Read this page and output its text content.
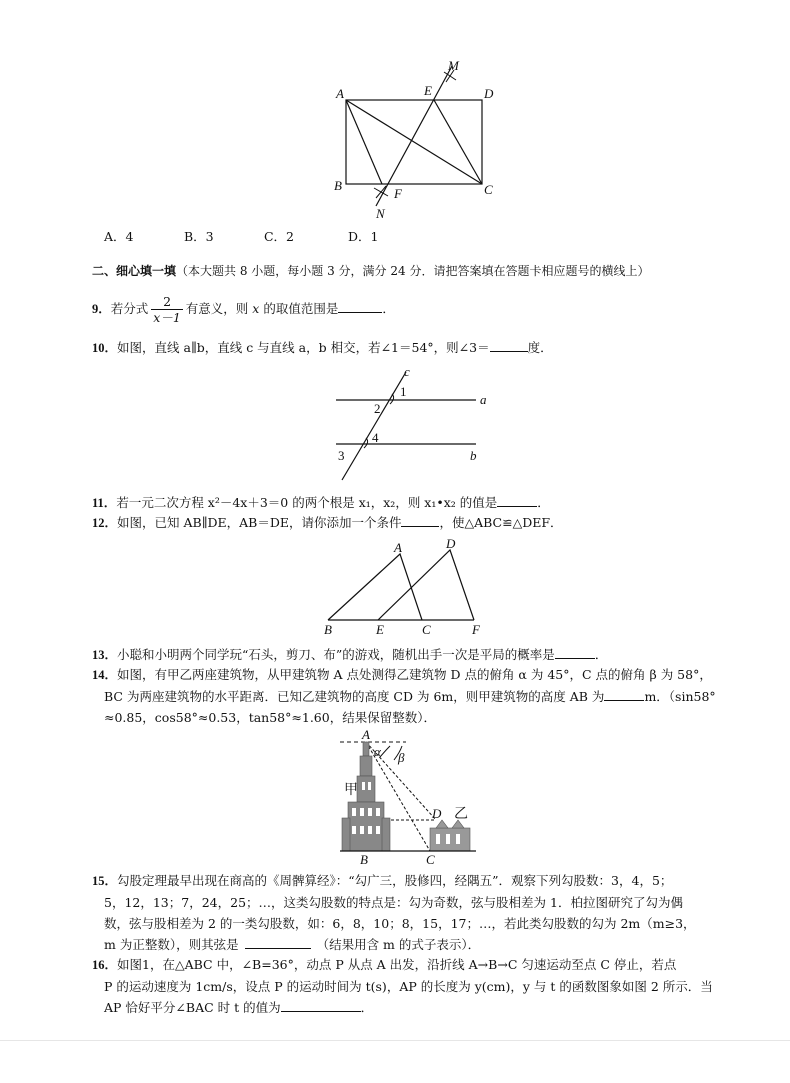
A	E
M
D
B
F	C
N
A．4	B．3	C．2	D．1
二、细心填一填（本大题共 8 小题，每小题 3 分，满分 24 分．请把答案填在答题卡相应题号的横线上）
9．若分式 $\frac{2}{x-1}$ 有意义，则 x 的取值范围是	．
10．如图，直线 a∥b，直线 c 与直线 a，b 相交，若∠1＝54°，则∠3＝	度．
c
a
b
1
2
4
3
11．若一元二次方程 x²－4x＋3＝0 的两个根是 x₁，x₂，则 x₁•x₂ 的值是	．
12．如图，已知 AB∥DE，AB＝DE，请你添加一个条件	，使△ABC≌△DEF．
A	D
B	E	C	F
13．小聪和小明两个同学玩“石头，剪刀、布”的游戏，随机出手一次是平局的概率是	．
14．如图，有甲乙两座建筑物，从甲建筑物 A 点处测得乙建筑物 D 点的俯角 α 为 45°，C 点的俯角 β 为 58°，
BC 为两座建筑物的水平距离．已知乙建筑物的高度 CD 为 6m，则甲建筑物的高度 AB 为	m．（sin58°
≈0.85，cos58°≈0.53，tan58°≈1.60，结果保留整数）．
A
α β
甲
D 乙
B	C
15．勾股定理最早出现在商高的《周髀算经》：“勾广三，股修四，经隅五”．观察下列勾股数：3，4，5；
5，12，13；7，24，25；…，这类勾股数的特点是：勾为奇数，弦与股相差为 1．柏拉图研究了勾为偶
数，弦与股相差为 2 的一类勾股数，如：6，8，10；8，15，17；…，若此类勾股数的勾为 2m（m≥3，
m 为正整数），则其弦是	（结果用含 m 的式子表示）．
16．如图1，在△ABC 中，∠B=36°，动点 P 从点 A 出发，沿折线 A→B→C 匀速运动至点 C 停止，若点
P 的运动速度为 1cm/s，设点 P 的运动时间为 t(s)，AP 的长度为 y(cm)，y 与 t 的函数图象如图 2 所示．当
AP 恰好平分∠BAC 时 t 的值为	．
